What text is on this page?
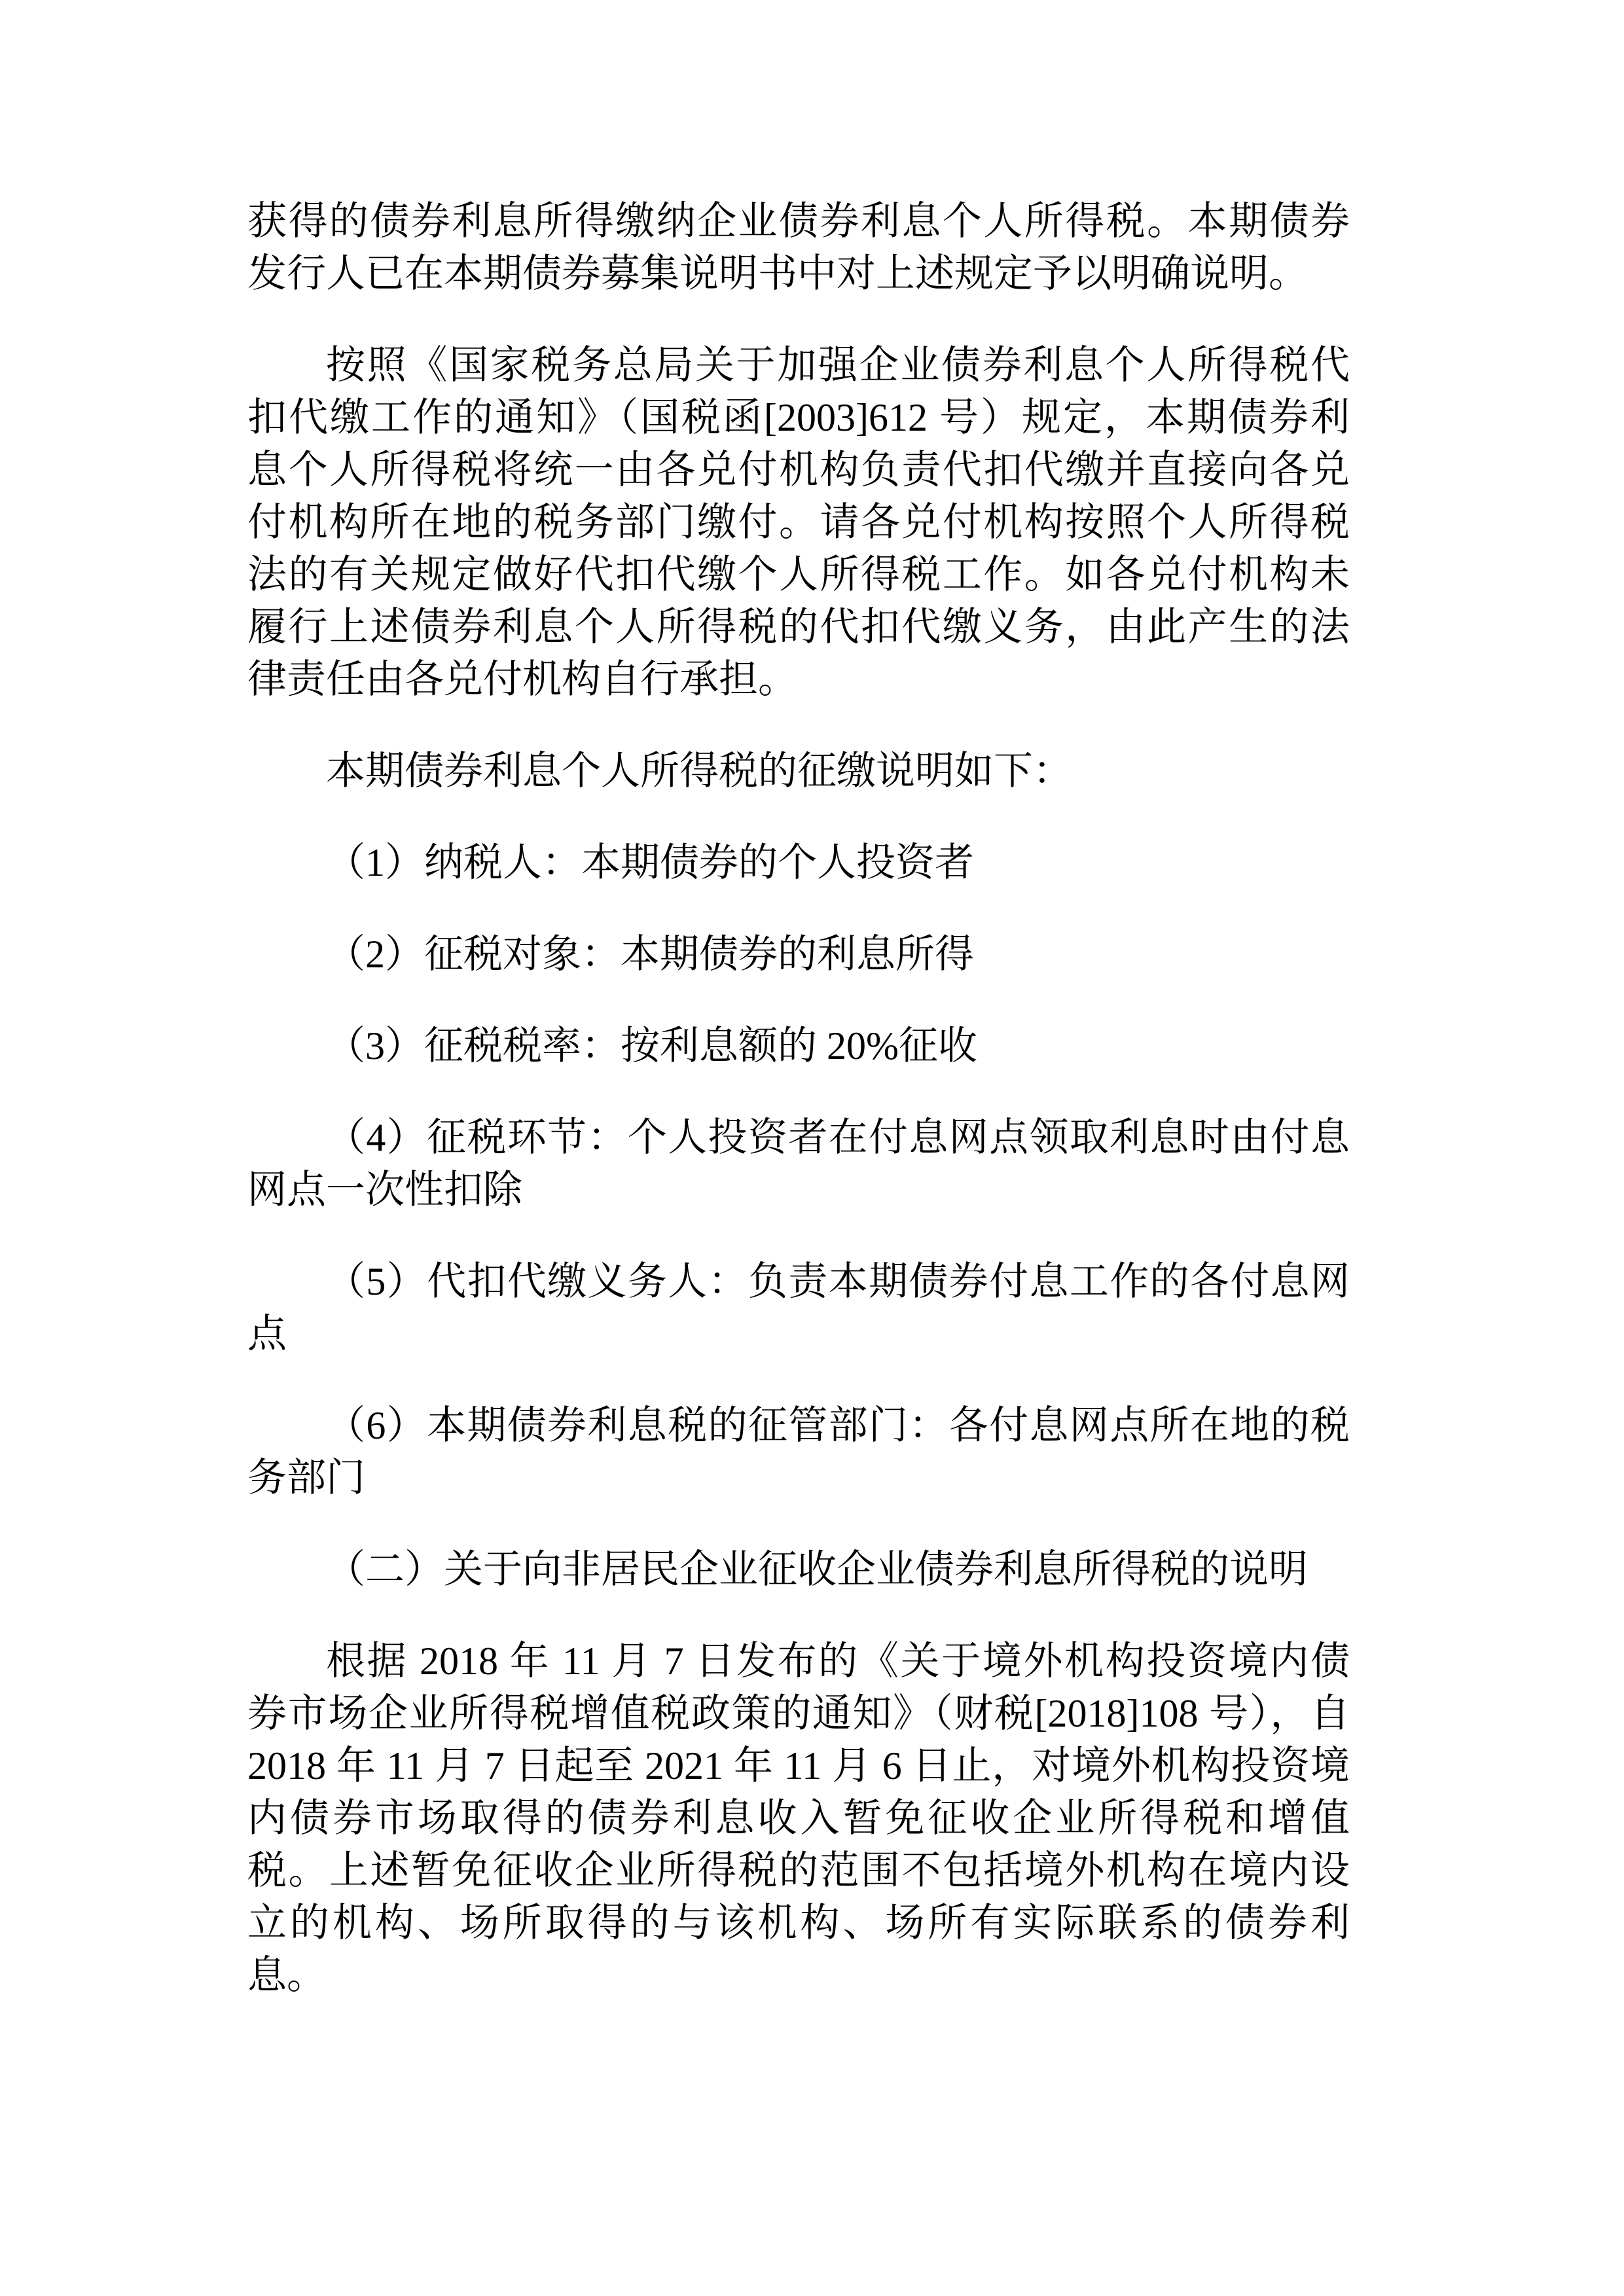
获得的债券利息所得缴纳企业债券利息个人所得税。本期债券
发行人已在本期债券募集说明书中对上述规定予以明确说明。
按照《国家税务总局关于加强企业债券利息个人所得税代
扣代缴工作的通知》（国税函[2003]612 号）规定，本期债券利
息个人所得税将统一由各兑付机构负责代扣代缴并直接向各兑
付机构所在地的税务部门缴付。请各兑付机构按照个人所得税
法的有关规定做好代扣代缴个人所得税工作。如各兑付机构未
履行上述债券利息个人所得税的代扣代缴义务，由此产生的法
律责任由各兑付机构自行承担。
本期债券利息个人所得税的征缴说明如下：
（1）纳税人：本期债券的个人投资者
（2）征税对象：本期债券的利息所得
（3）征税税率：按利息额的 20%征收
（4）征税环节：个人投资者在付息网点领取利息时由付息
网点一次性扣除
（5）代扣代缴义务人：负责本期债券付息工作的各付息网
点
（6）本期债券利息税的征管部门：各付息网点所在地的税
务部门
（二）关于向非居民企业征收企业债券利息所得税的说明
根据 2018 年 11 月 7 日发布的《关于境外机构投资境内债
券市场企业所得税增值税政策的通知》（财税[2018]108 号），自
2018 年 11 月 7 日起至 2021 年 11 月 6 日止，对境外机构投资境
内债券市场取得的债券利息收入暂免征收企业所得税和增值
税。上述暂免征收企业所得税的范围不包括境外机构在境内设
立的机构、场所取得的与该机构、场所有实际联系的债券利
息。
